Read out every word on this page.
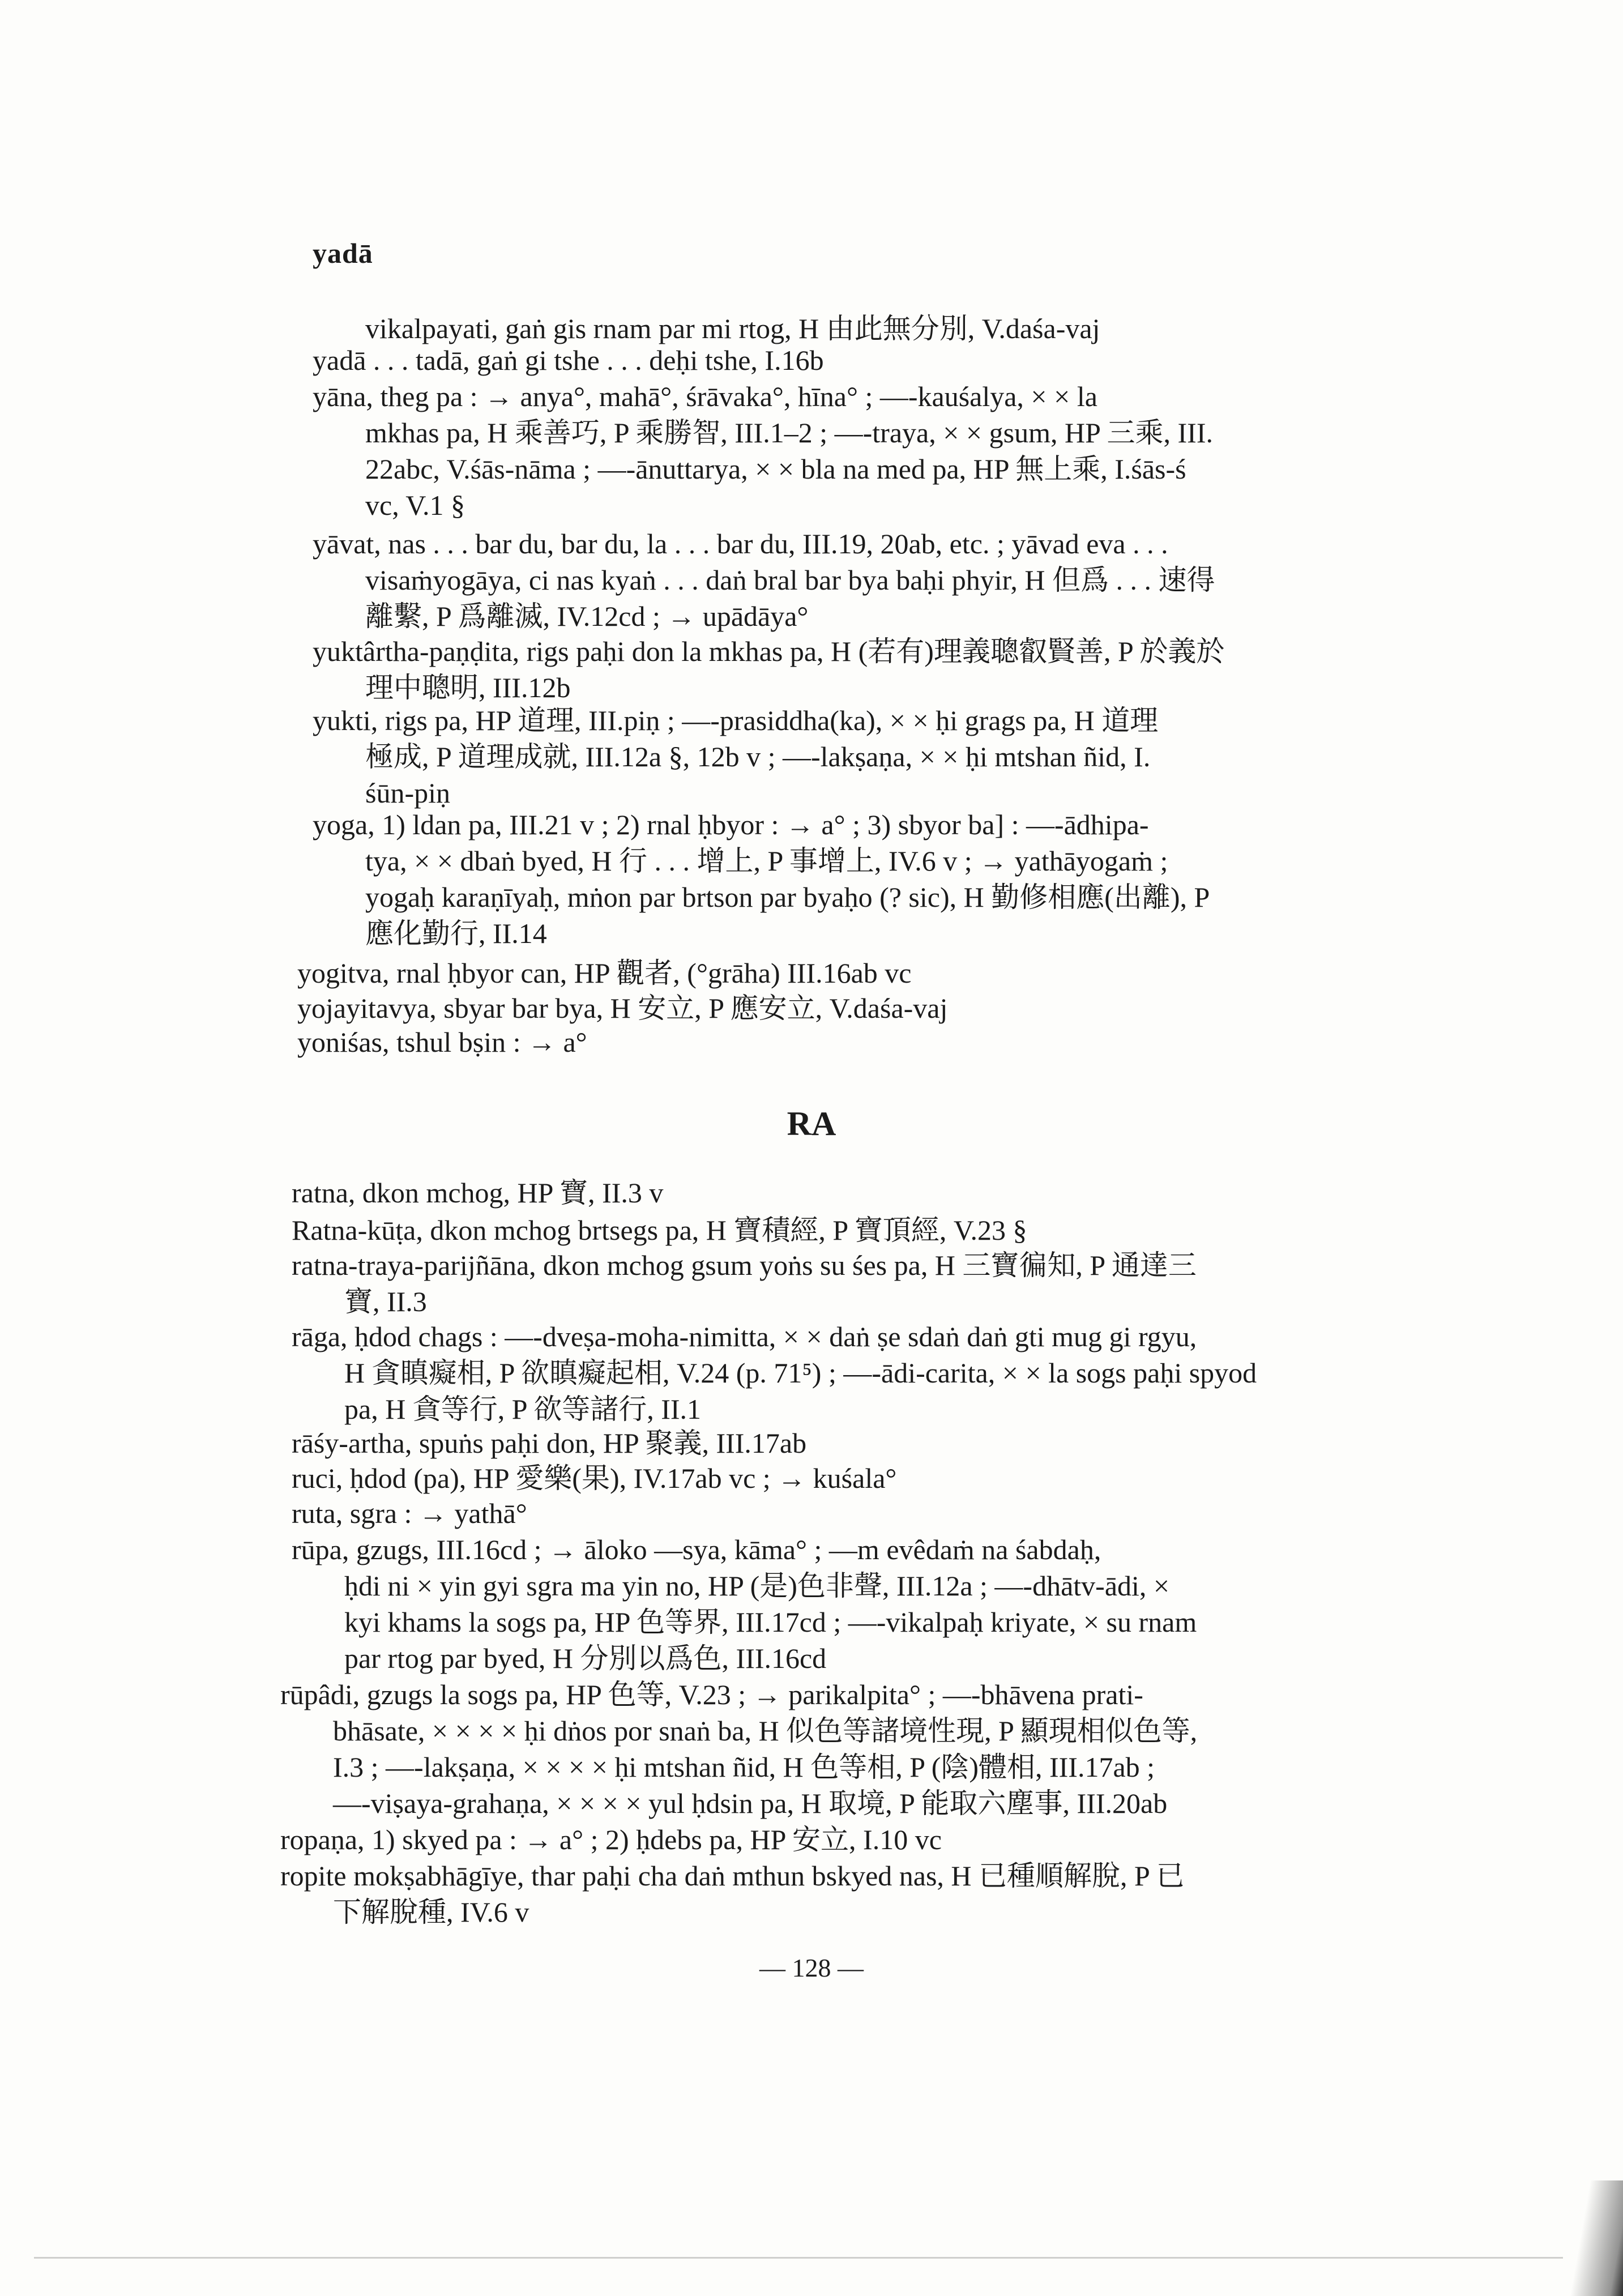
yadā

vikalpayati, gaṅ gis rnam par mi rtog, H 由此無分別, V.daśa-vaj

yadā . . . tadā, gaṅ gi tshe . . . deḥi tshe, I.16b

yāna, theg pa : → anya°, mahā°, śrāvaka°, hīna° ; —-kauśalya, × × la

mkhas pa, H 乘善巧, P 乘勝智, III.1–2 ; —-traya, × × gsum, HP 三乘, III.

22abc, V.śās-nāma ; —-ānuttarya, × × bla na med pa, HP 無上乘, I.śās-ś

vc, V.1 §

yāvat, nas . . . bar du, bar du, la . . . bar du, III.19, 20ab, etc. ; yāvad eva . . .

visaṁyogāya, ci nas kyaṅ . . . daṅ bral bar bya baḥi phyir, H 但爲 . . . 速得

離繫, P 爲離滅, IV.12cd ; → upādāya°

yuktârtha-paṇḍita, rigs paḥi don la mkhas pa, H (若有)理義聰叡賢善, P 於義於

理中聰明, III.12b

yukti, rigs pa, HP 道理, III.piṇ ; —-prasiddha(ka), × × ḥi grags pa, H 道理

極成, P 道理成就, III.12a §, 12b v ; —-lakṣaṇa, × × ḥi mtshan ñid, I.

śūn-piṇ

yoga, 1) ldan pa, III.21 v ; 2) rnal ḥbyor : → a° ; 3) sbyor ba] : —-ādhipa-

tya, × × dbaṅ byed, H 行 . . . 增上, P 事增上, IV.6 v ; → yathāyogaṁ ;

yogaḥ karaṇīyaḥ, mṅon par brtson par byaḥo (? sic), H 勤修相應(出離), P

應化勤行, II.14

yogitva, rnal ḥbyor can, HP 觀者, (°grāha) III.16ab vc

yojayitavya, sbyar bar bya, H 安立, P 應安立, V.daśa-vaj

yoniśas, tshul bṣin : → a°

RA

ratna, dkon mchog, HP 寶, II.3 v

Ratna-kūṭa, dkon mchog brtsegs pa, H 寶積經, P 寶頂經, V.23 §

ratna-traya-parijñāna, dkon mchog gsum yoṅs su śes pa, H 三寶徧知, P 通達三

寶, II.3

rāga, ḥdod chags : —-dveṣa-moha-nimitta, × × daṅ ṣe sdaṅ daṅ gti mug gi rgyu,

H 貪瞋癡相, P 欲瞋癡起相, V.24 (p. 71⁵) ; —-ādi-carita, × × la sogs paḥi spyod

pa, H 貪等行, P 欲等諸行, II.1

rāśy-artha, spuṅs paḥi don, HP 聚義, III.17ab

ruci, ḥdod (pa), HP 愛樂(果), IV.17ab vc ; → kuśala°

ruta, sgra : → yathā°

rūpa, gzugs, III.16cd ; → āloko —sya, kāma° ; —m evêdaṁ na śabdaḥ,

ḥdi ni × yin gyi sgra ma yin no, HP (是)色非聲, III.12a ; —-dhātv-ādi, ×

kyi khams la sogs pa, HP 色等界, III.17cd ; —-vikalpaḥ kriyate, × su rnam

par rtog par byed, H 分別以爲色, III.16cd

rūpâdi, gzugs la sogs pa, HP 色等, V.23 ; → parikalpita° ; —-bhāvena prati-

bhāsate, × × × × ḥi dṅos por snaṅ ba, H 似色等諸境性現, P 顯現相似色等,

I.3 ; —-lakṣaṇa, × × × × ḥi mtshan ñid, H 色等相, P (陰)體相, III.17ab ;

—-viṣaya-grahaṇa, × × × × yul ḥdsin pa, H 取境, P 能取六塵事, III.20ab

ropaṇa, 1) skyed pa : → a° ; 2) ḥdebs pa, HP 安立, I.10 vc

ropite mokṣabhāgīye, thar paḥi cha daṅ mthun bskyed nas, H 已種順解脫, P 已

下解脫種, IV.6 v

— 128 —
